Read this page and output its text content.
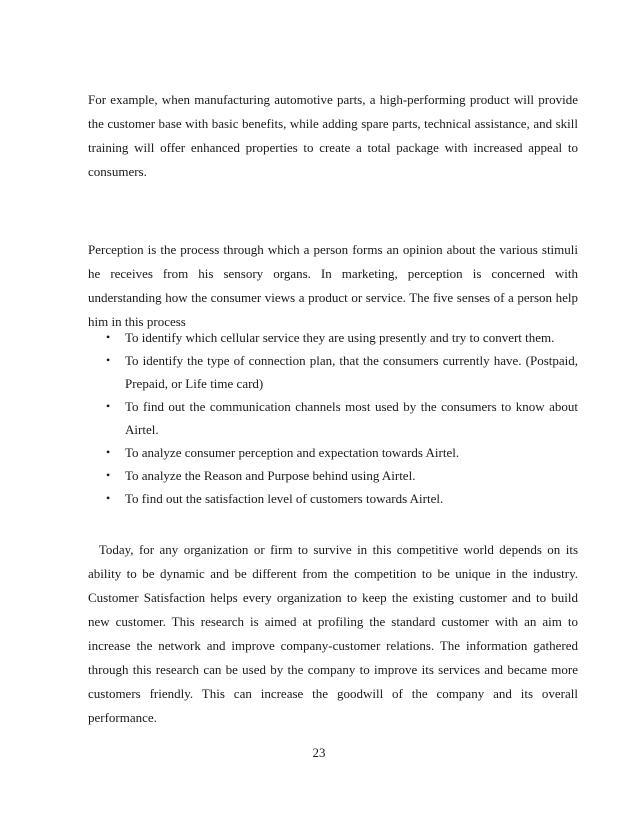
For example, when manufacturing automotive parts, a high-performing product will provide the customer base with basic benefits, while adding spare parts, technical assistance, and skill training will offer enhanced properties to create a total package with increased appeal to consumers.

Perception is the process through which a person forms an opinion about the various stimuli he receives from his sensory organs. In marketing, perception is concerned with understanding how the consumer views a product or service. The five senses of a person help him in this process

• To identify which cellular service they are using presently and try to convert them.
• To identify the type of connection plan, that the consumers currently have. (Postpaid, Prepaid, or Life time card)
• To find out the communication channels most used by the consumers to know about Airtel.
• To analyze consumer perception and expectation towards Airtel.
• To analyze the Reason and Purpose behind using Airtel.
• To find out the satisfaction level of customers towards Airtel.

Today, for any organization or firm to survive in this competitive world depends on its ability to be dynamic and be different from the competition to be unique in the industry. Customer Satisfaction helps every organization to keep the existing customer and to build new customer. This research is aimed at profiling the standard customer with an aim to increase the network and improve company-customer relations. The information gathered through this research can be used by the company to improve its services and became more customers friendly. This can increase the goodwill of the company and its overall performance.

23
